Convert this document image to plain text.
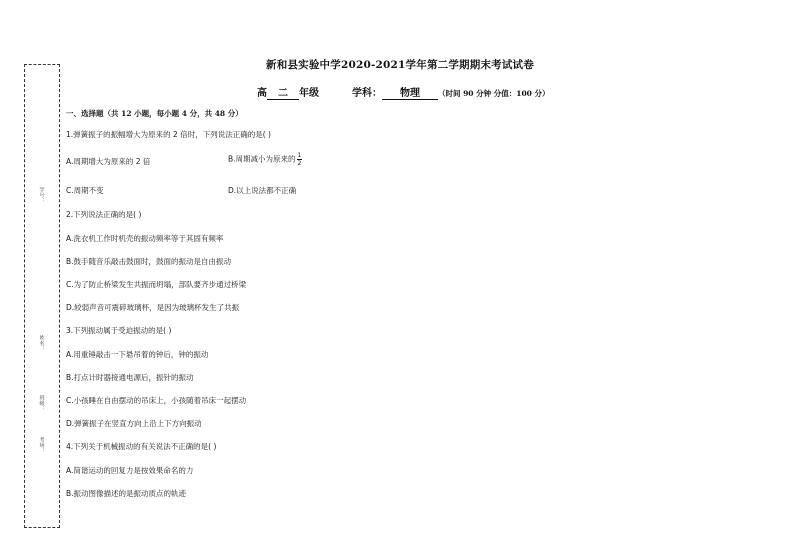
学号：
姓名：
班级：
考场：
新和县实验中学2020-2021学年第二学期期末考试试卷
高 二 年级	学科： 物理 （时间 90 分钟 分值：100 分）
一、选择题（共 12 小题，每小题 4 分，共 48 分）
1.弹簧振子的振幅增大为原来的 2 倍时，下列说法正确的是( )
A.周期增大为原来的 2 倍	B.周期减小为原来的 $\frac{1}{2}$
C.周期不变	D.以上说法都不正确
2.下列说法正确的是( )
A.洗衣机工作时机壳的振动频率等于其固有频率
B.鼓手随音乐敲击鼓面时，鼓面的振动是自由振动
C.为了防止桥梁发生共振而坍塌，部队要齐步通过桥梁
D.较弱声音可震碎玻璃杯，是因为玻璃杯发生了共振
3.下列振动属于受迫振动的是( )
A.用重锤敲击一下悬吊着的钟后，钟的振动
B.打点计时器接通电源后，振针的振动
C.小孩睡在自由摆动的吊床上，小孩随着吊床一起摆动
D.弹簧振子在竖直方向上沿上下方向振动
4.下列关于机械振动的有关说法不正确的是( )
A.简谐运动的回复力是按效果命名的力
B.振动图像描述的是振动质点的轨迹
